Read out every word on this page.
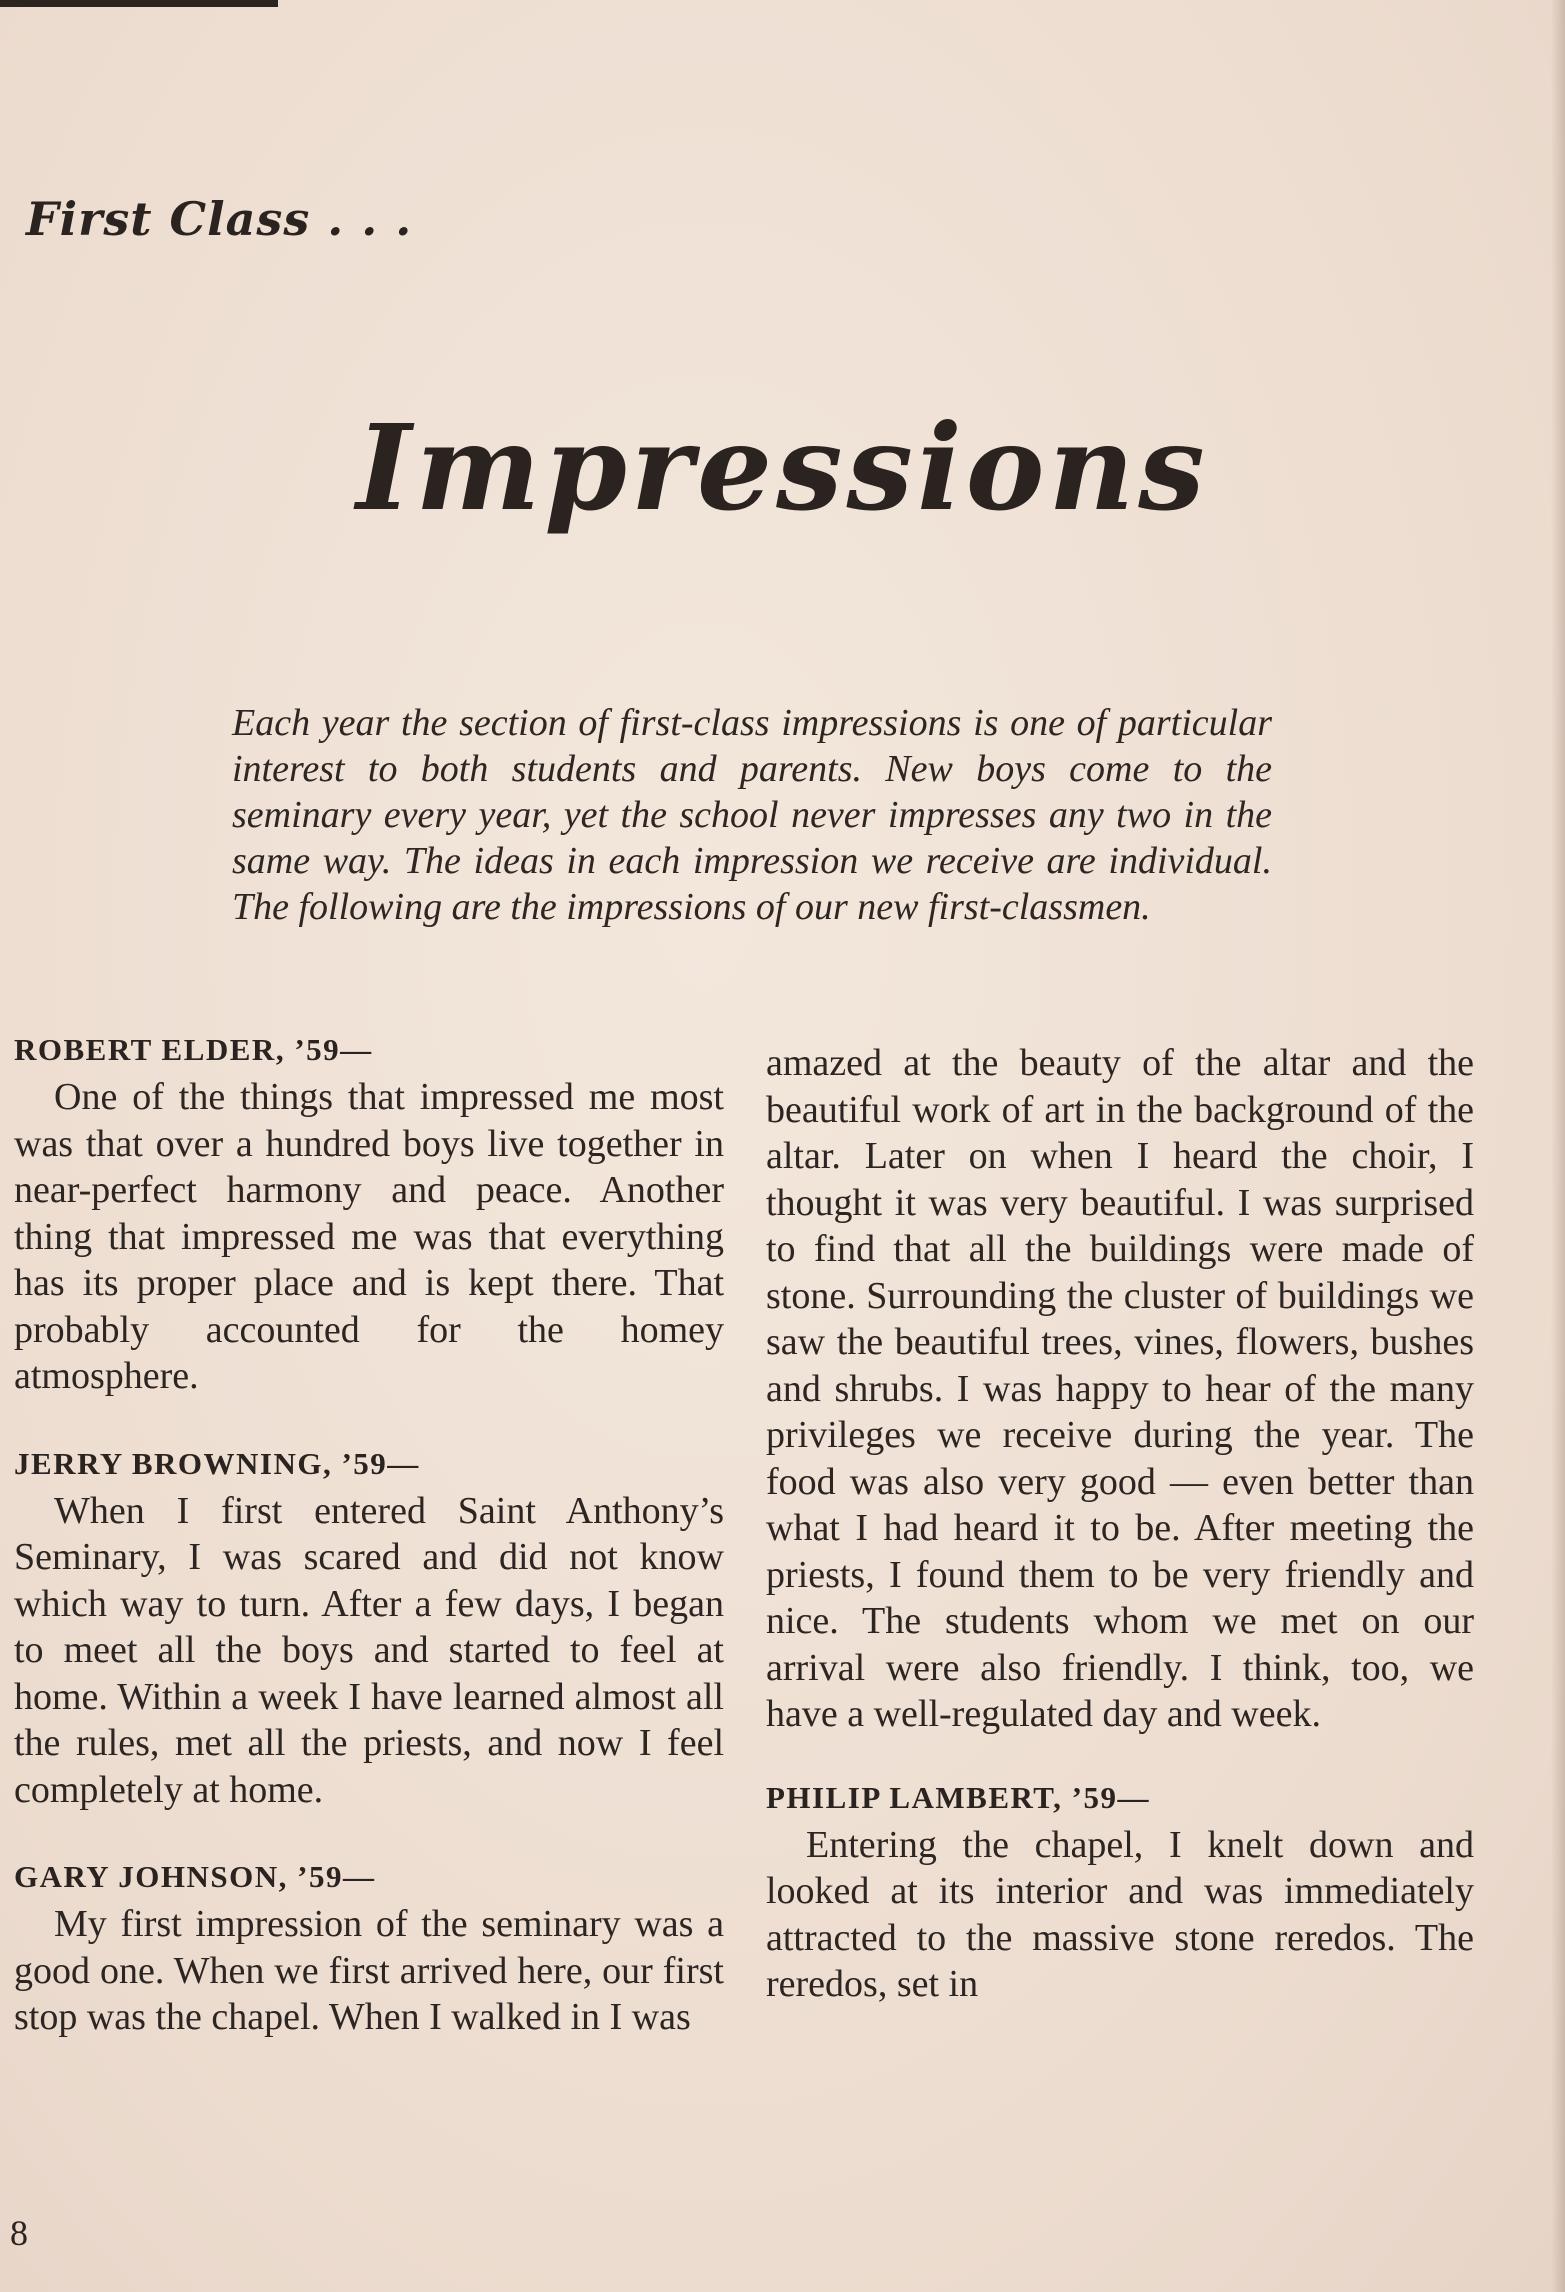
First Class . . .
Impressions

Each year the section of first-class impressions is one of particular interest to both students and parents. New boys come to the seminary every year, yet the school never impresses any two in the same way. The ideas in each impression we receive are individual. The following are the impressions of our new first-classmen.

ROBERT ELDER, ’59—

One of the things that impressed me most was that over a hundred boys live together in near-perfect harmony and peace. Another thing that impressed me was that everything has its proper place and is kept there. That probably accounted for the homey atmosphere.

JERRY BROWNING, ’59—

When I first entered Saint Anthony’s Seminary, I was scared and did not know which way to turn. After a few days, I began to meet all the boys and started to feel at home. Within a week I have learned almost all the rules, met all the priests, and now I feel completely at home.

GARY JOHNSON, ’59—

My first impression of the seminary was a good one. When we first arrived here, our first stop was the chapel. When I walked in I was

amazed at the beauty of the altar and the beautiful work of art in the background of the altar. Later on when I heard the choir, I thought it was very beautiful. I was surprised to find that all the buildings were made of stone. Surrounding the cluster of buildings we saw the beautiful trees, vines, flowers, bushes and shrubs. I was happy to hear of the many privileges we receive during the year. The food was also very good — even better than what I had heard it to be. After meeting the priests, I found them to be very friendly and nice. The students whom we met on our arrival were also friendly. I think, too, we have a well-regulated day and week.

PHILIP LAMBERT, ’59—

Entering the chapel, I knelt down and looked at its interior and was immediately attracted to the massive stone reredos. The reredos, set in

8
